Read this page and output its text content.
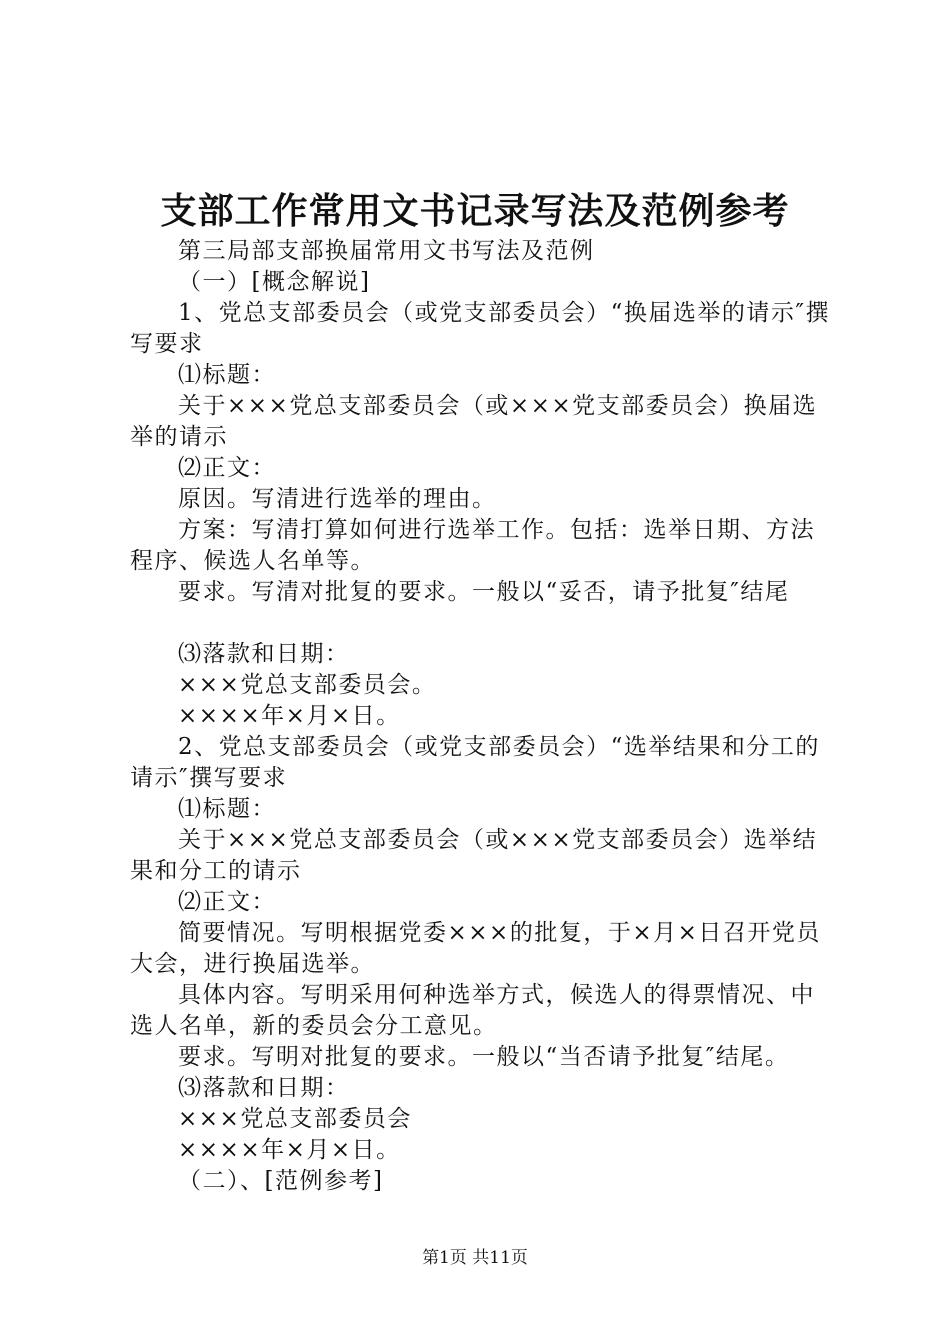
支部工作常用文书记录写法及范例参考

第三局部支部换届常用文书写法及范例

（一）[概念解说]

1、党总支部委员会（或党支部委员会）“换届选举的请示″撰写要求

⑴标题：

关于×××党总支部委员会（或×××党支部委员会）换届选举的请示

⑵正文：

原因。写清进行选举的理由。

方案：写清打算如何进行选举工作。包括：选举日期、方法程序、候选人名单等。

要求。写清对批复的要求。一般以“妥否，请予批复″结尾

⑶落款和日期：

×××党总支部委员会。

××××年×月×日。

2、党总支部委员会（或党支部委员会）“选举结果和分工的请示″撰写要求

⑴标题：

关于×××党总支部委员会（或×××党支部委员会）选举结果和分工的请示

⑵正文：

简要情况。写明根据党委×××的批复，于×月×日召开党员大会，进行换届选举。

具体内容。写明采用何种选举方式，候选人的得票情况、中选人名单，新的委员会分工意见。

要求。写明对批复的要求。一般以“当否请予批复″结尾。

⑶落款和日期：

×××党总支部委员会

××××年×月×日。

（二）、[范例参考]

第1页 共11页
